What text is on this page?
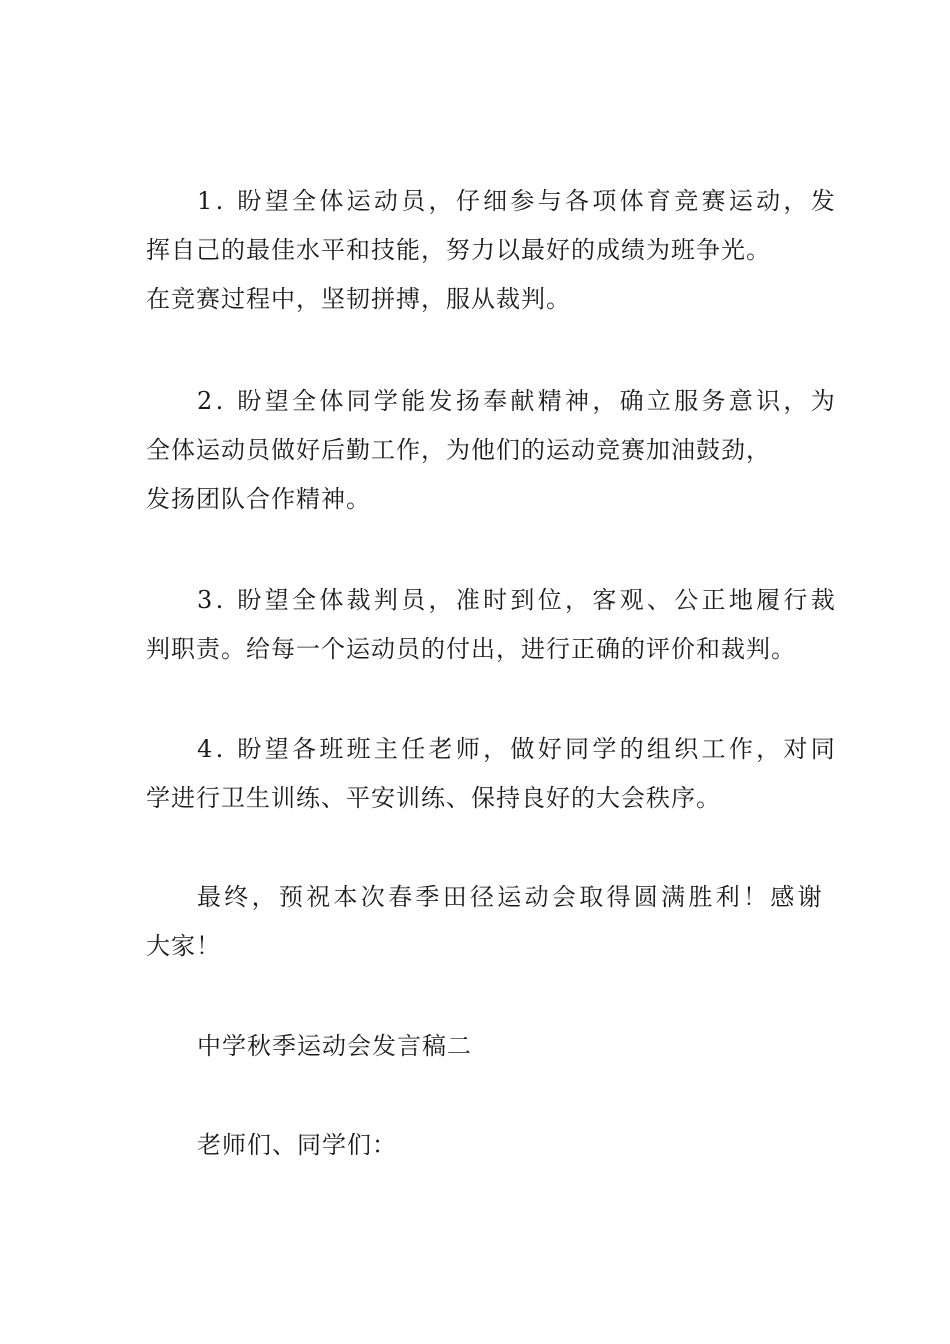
1. 盼望全体运动员，仔细参与各项体育竞赛运动，发
挥自己的最佳水平和技能，努力以最好的成绩为班争光。
在竞赛过程中，坚韧拼搏，服从裁判。
2. 盼望全体同学能发扬奉献精神，确立服务意识，为
全体运动员做好后勤工作，为他们的运动竞赛加油鼓劲，
发扬团队合作精神。
3. 盼望全体裁判员，准时到位，客观、公正地履行裁
判职责。给每一个运动员的付出，进行正确的评价和裁判。
4. 盼望各班班主任老师，做好同学的组织工作，对同
学进行卫生训练、平安训练、保持良好的大会秩序。
最终，预祝本次春季田径运动会取得圆满胜利！感谢
大家！
中学秋季运动会发言稿二
老师们、同学们：
